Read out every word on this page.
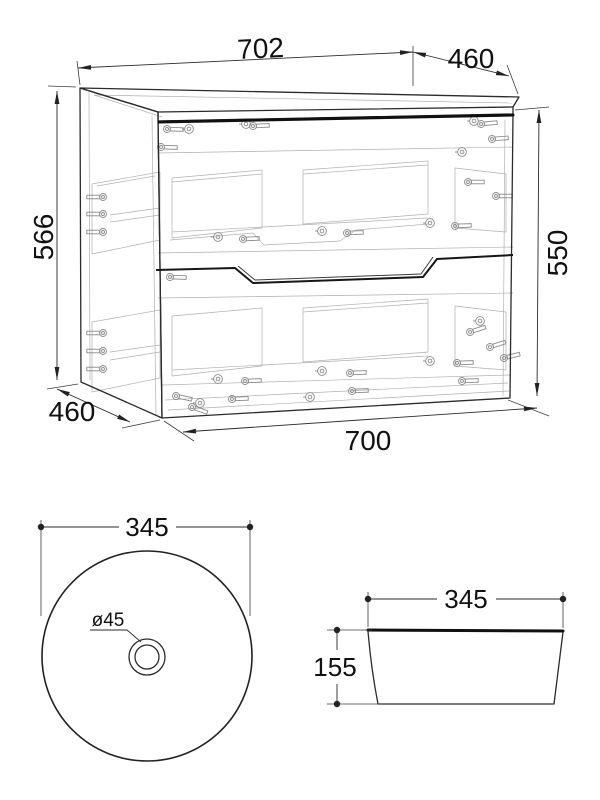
702	460
566	550
460
700
345
ø45
345
155
